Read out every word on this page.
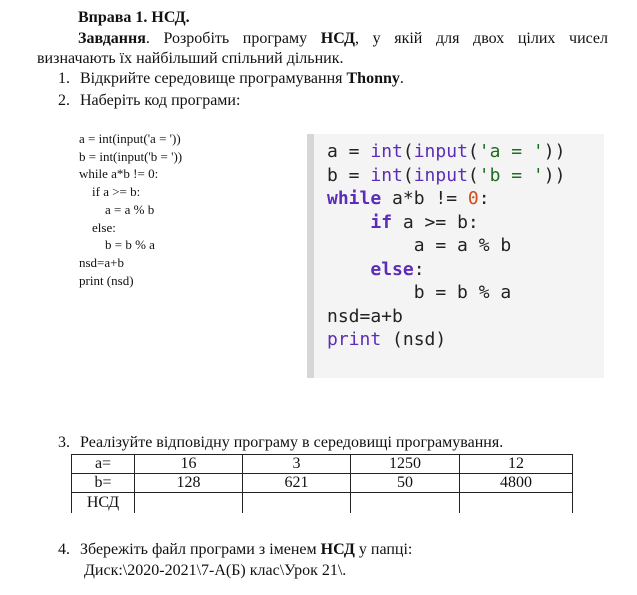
Вправа 1. НСД.
Завдання. Розробіть програму НСД, у якій для двох цілих чисел
визначають їх найбільший спільний дільник.
1. Відкрийте середовище програмування Thonny.
2. Наберіть код програми:
a = int(input('a = '))
b = int(input('b = '))
while a*b != 0:
if a >= b:
a = a % b
else:
b = b % a
nsd=a+b
print (nsd)
a = int(input('a = '))
b = int(input('b = '))
while a*b != 0:
if a >= b:
a = a % b
else:
b = b % a
nsd=a+b
print (nsd)
3. Реалізуйте відповідну програму в середовищі програмування.
a=	16	3	1250	12
b=	128	621	50	4800
НСД				
4. Збережіть файл програми з іменем НСД у папці:
Диск:\2020-2021\7-А(Б) клас\Урок 21\.
